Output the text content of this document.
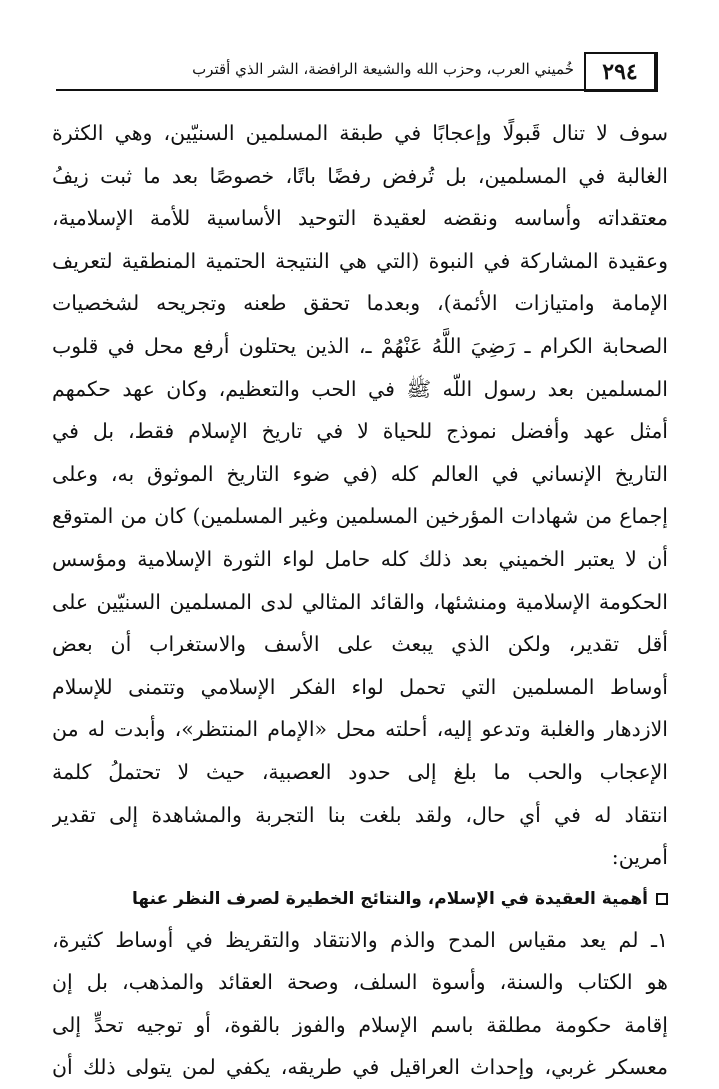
٢٩٤
خُميني العرب، وحزب الله والشيعة الرافضة، الشر الذي أقترب
سوف لا تنال قَبولًا وإعجابًا في طبقة المسلمين السنيّين، وهي الكثرة
الغالبة في المسلمين، بل تُرفض رفضًا باتًا، خصوصًا بعد ما ثبت زيفُ
معتقداته وأساسه ونقضه لعقيدة التوحيد الأساسية للأمة الإسلامية،
وعقيدة المشاركة في النبوة (التي هي النتيجة الحتمية المنطقية لتعريف
الإمامة وامتيازات الأئمة)، وبعدما تحقق طعنه وتجريحه لشخصيات
الصحابة الكرام ـ رَضِيَ اللَّهُ عَنْهُمْ ـ، الذين يحتلون أرفع محل في قلوب
المسلمين بعد رسول اللّه ﷺ في الحب والتعظيم، وكان عهد حكمهم
أمثل عهد وأفضل نموذج للحياة لا في تاريخ الإسلام فقط، بل في
التاريخ الإنساني في العالم كله (في ضوء التاريخ الموثوق به، وعلى
إجماع من شهادات المؤرخين المسلمين وغير المسلمين) كان من المتوقع
أن لا يعتبر الخميني بعد ذلك كله حامل لواء الثورة الإسلامية ومؤسس
الحكومة الإسلامية ومنشئها، والقائد المثالي لدى المسلمين السنيّين على
أقل تقدير، ولكن الذي يبعث على الأسف والاستغراب أن بعض
أوساط المسلمين التي تحمل لواء الفكر الإسلامي وتتمنى للإسلام
الازدهار والغلبة وتدعو إليه، أحلته محل «الإمام المنتظر»، وأبدت له من
الإعجاب والحب ما بلغ إلى حدود العصبية، حيث لا تحتملُ كلمة
انتقاد له في أي حال، ولقد بلغت بنا التجربة والمشاهدة إلى تقدير
أمرين:
أهمية العقيدة في الإسلام، والنتائج الخطيرة لصرف النظر عنها
١ـ لم يعد مقياس المدح والذم والانتقاد والتقريظ في أوساط كثيرة،
هو الكتاب والسنة، وأسوة السلف، وصحة العقائد والمذهب، بل إن
إقامة حكومة مطلقة باسم الإسلام والفوز بالقوة، أو توجيه تحدٍّ إلى
معسكر غربي، وإحداث العراقيل في طريقه، يكفي لمن يتولى ذلك أن
